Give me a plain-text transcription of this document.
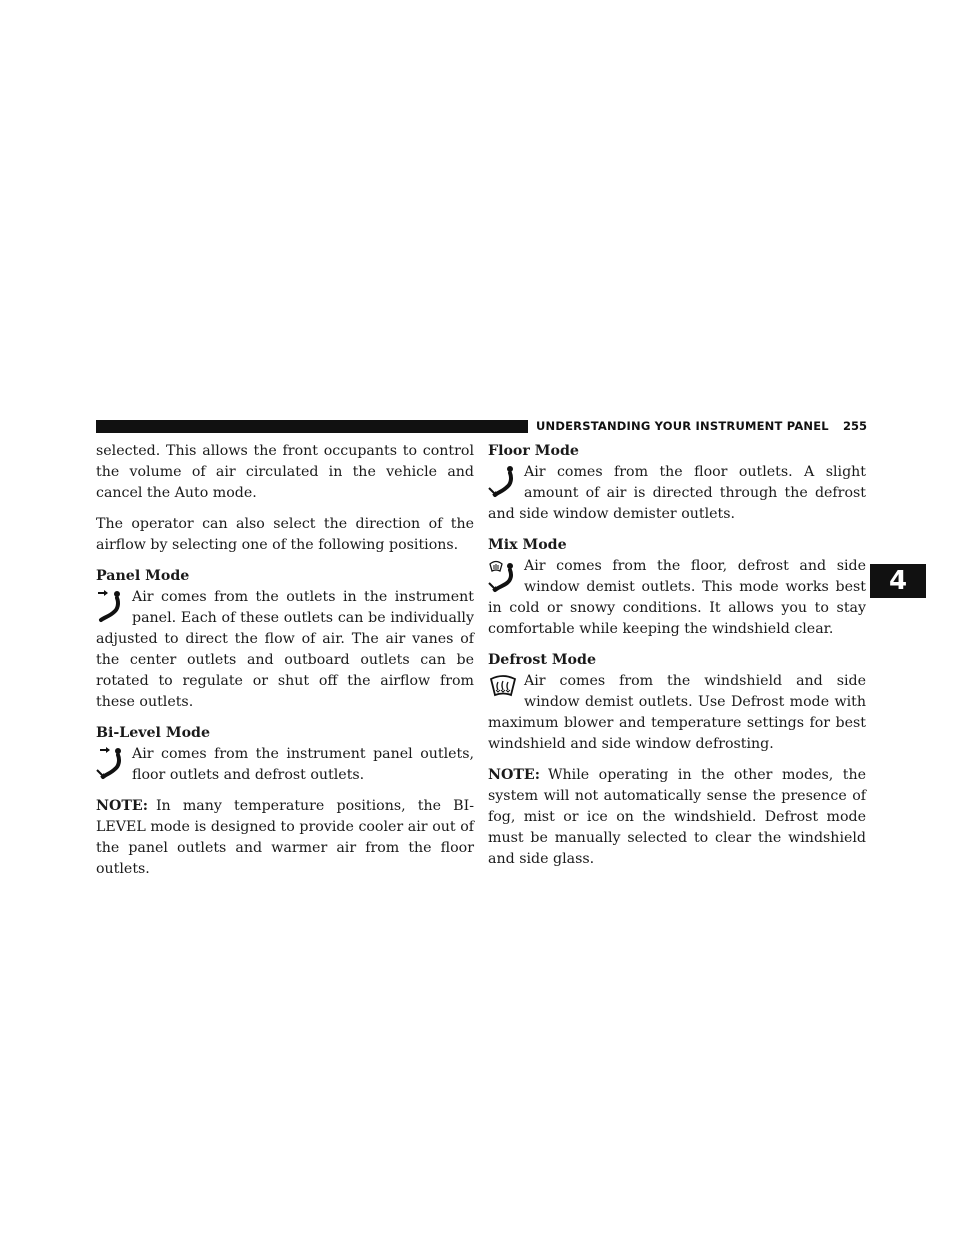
UNDERSTANDING YOUR INSTRUMENT PANEL 255
4

selected. This allows the front occupants to control the volume of air circulated in the vehicle and cancel the Auto mode.

The operator can also select the direction of the airflow by selecting one of the following positions.

Panel Mode

Air comes from the outlets in the instrument panel. Each of these outlets can be individually adjusted to direct the flow of air. The air vanes of the center outlets and outboard outlets can be rotated to regulate or shut off the airflow from these outlets.

Bi-Level Mode

Air comes from the instrument panel outlets, floor outlets and defrost outlets.

NOTE: In many temperature positions, the BI-LEVEL mode is designed to provide cooler air out of the panel outlets and warmer air from the floor outlets.

Floor Mode

Air comes from the floor outlets. A slight amount of air is directed through the defrost and side window demister outlets.

Mix Mode

Air comes from the floor, defrost and side window demist outlets. This mode works best in cold or snowy conditions. It allows you to stay comfortable while keeping the windshield clear.

Defrost Mode

Air comes from the windshield and side window demist outlets. Use Defrost mode with maximum blower and temperature settings for best windshield and side window defrosting.

NOTE: While operating in the other modes, the system will not automatically sense the presence of fog, mist or ice on the windshield. Defrost mode must be manually selected to clear the windshield and side glass.
